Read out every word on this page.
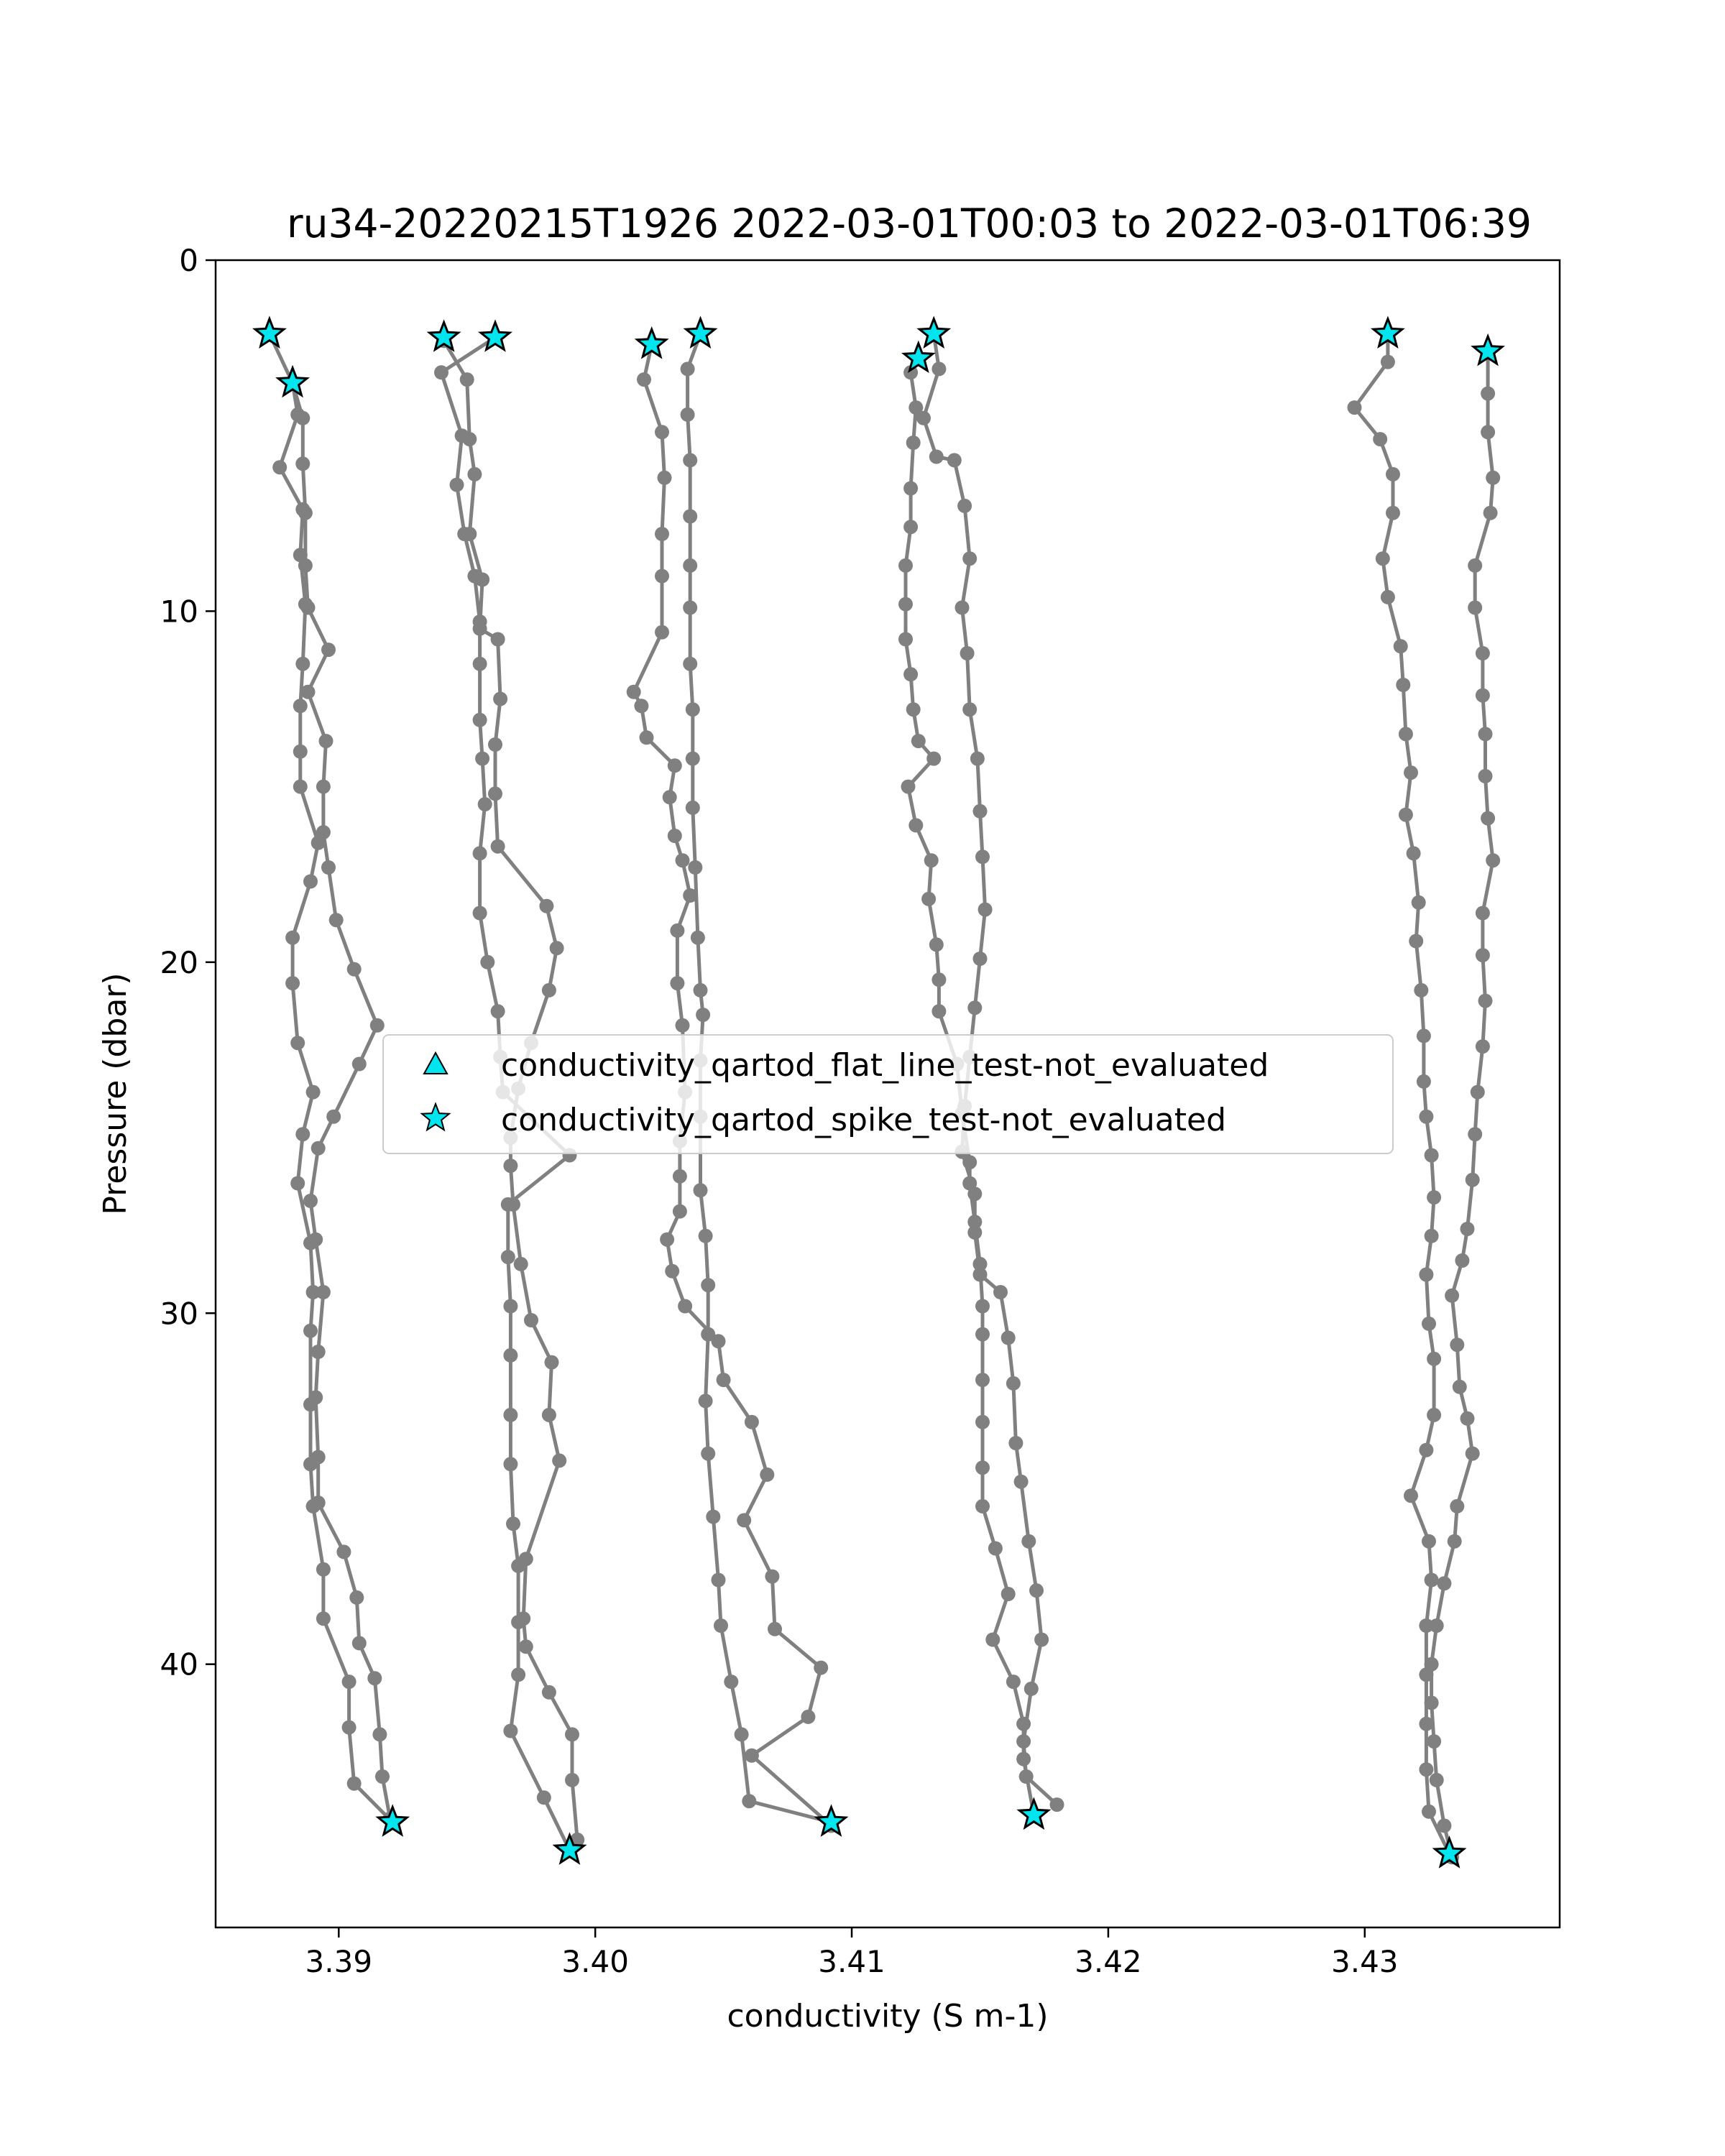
ru34-20220215T1926 2022-03-01T00:03 to 2022-03-01T06:39
3.39	3.40	3.41	3.42	3.43
0
10
20
30
40
conductivity (S m-1)
Pressure (dbar)	conductivity_qartod_flat_line_test-not_evaluated
conductivity_qartod_spike_test-not_evaluated
